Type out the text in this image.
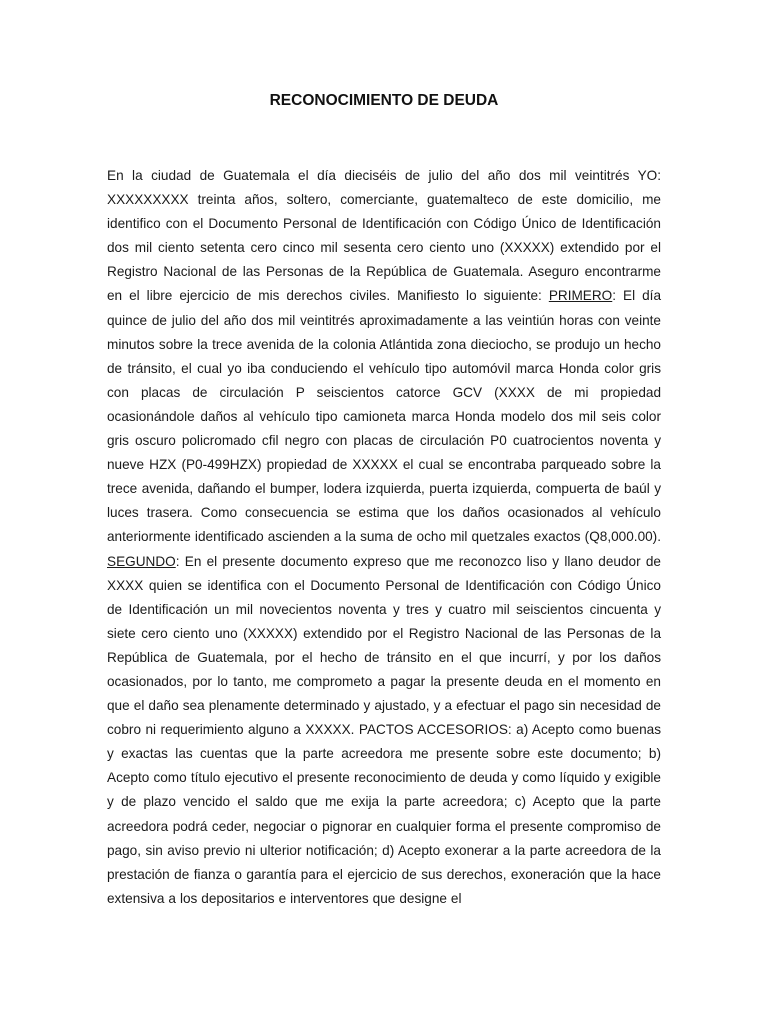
RECONOCIMIENTO DE DEUDA

En la ciudad de Guatemala el día dieciséis de julio del año dos mil veintitrés YO: XXXXXXXXX treinta años, soltero, comerciante, guatemalteco de este domicilio, me identifico con el Documento Personal de Identificación con Código Único de Identificación dos mil ciento setenta cero cinco mil sesenta cero ciento uno (XXXXX) extendido por el Registro Nacional de las Personas de la República de Guatemala. Aseguro encontrarme en el libre ejercicio de mis derechos civiles. Manifiesto lo siguiente: PRIMERO: El día quince de julio del año dos mil veintitrés aproximadamente a las veintiún horas con veinte minutos sobre la trece avenida de la colonia Atlántida zona dieciocho, se produjo un hecho de tránsito, el cual yo iba conduciendo el vehículo tipo automóvil marca Honda color gris con placas de circulación P seiscientos catorce GCV (XXXX de mi propiedad ocasionándole daños al vehículo tipo camioneta marca Honda modelo dos mil seis color gris oscuro policromado cfil negro con placas de circulación P0 cuatrocientos noventa y nueve HZX (P0-499HZX) propiedad de XXXXX el cual se encontraba parqueado sobre la trece avenida, dañando el bumper, lodera izquierda, puerta izquierda, compuerta de baúl y luces trasera. Como consecuencia se estima que los daños ocasionados al vehículo anteriormente identificado ascienden a la suma de ocho mil quetzales exactos (Q8,000.00). SEGUNDO: En el presente documento expreso que me reconozco liso y llano deudor de XXXX quien se identifica con el Documento Personal de Identificación con Código Único de Identificación un mil novecientos noventa y tres y cuatro mil seiscientos cincuenta y siete cero ciento uno (XXXXX) extendido por el Registro Nacional de las Personas de la República de Guatemala, por el hecho de tránsito en el que incurrí, y por los daños ocasionados, por lo tanto, me comprometo a pagar la presente deuda en el momento en que el daño sea plenamente determinado y ajustado, y a efectuar el pago sin necesidad de cobro ni requerimiento alguno a XXXXX. PACTOS ACCESORIOS: a) Acepto como buenas y exactas las cuentas que la parte acreedora me presente sobre este documento; b) Acepto como título ejecutivo el presente reconocimiento de deuda y como líquido y exigible y de plazo vencido el saldo que me exija la parte acreedora; c) Acepto que la parte acreedora podrá ceder, negociar o pignorar en cualquier forma el presente compromiso de pago, sin aviso previo ni ulterior notificación; d) Acepto exonerar a la parte acreedora de la prestación de fianza o garantía para el ejercicio de sus derechos, exoneración que la hace extensiva a los depositarios e interventores que designe el
